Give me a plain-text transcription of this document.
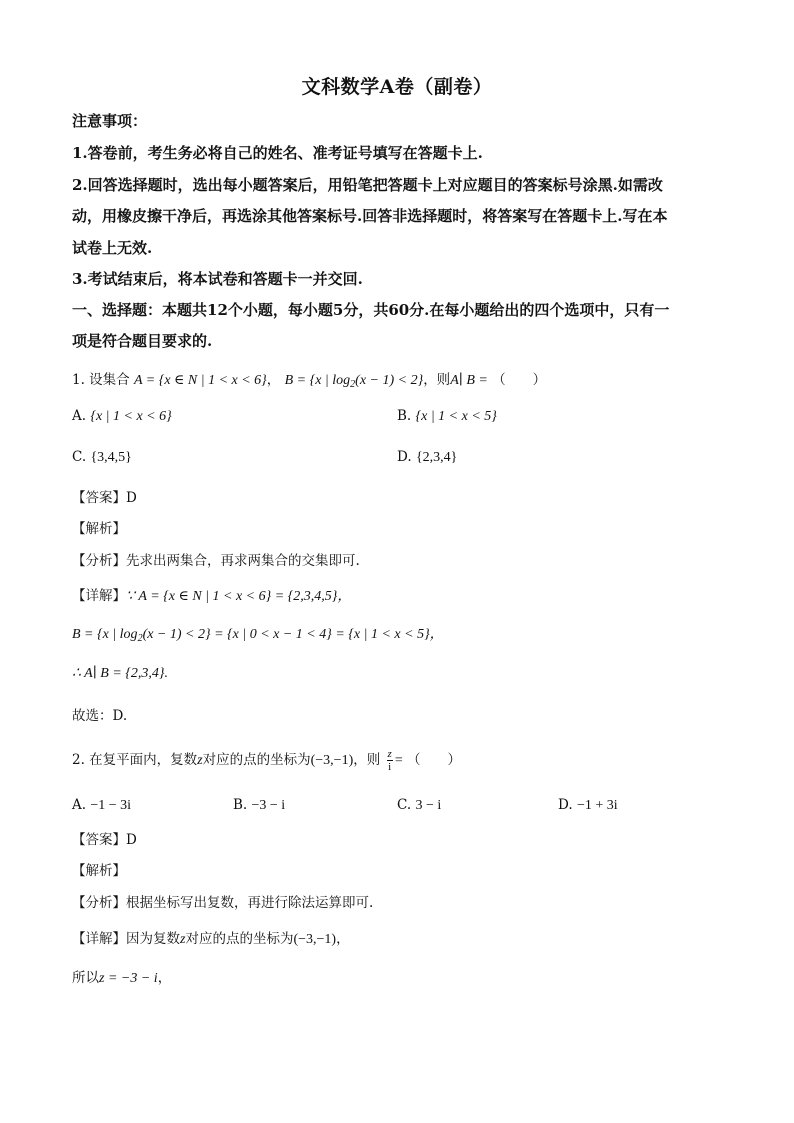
文科数学A卷（副卷）
注意事项：
1.答卷前，考生务必将自己的姓名、准考证号填写在答题卡上.
2.回答选择题时，选出每小题答案后，用铅笔把答题卡上对应题目的答案标号涂黑.如需改
动，用橡皮擦干净后，再选涂其他答案标号.回答非选择题时，将答案写在答题卡上.写在本
试卷上无效.
3.考试结束后，将本试卷和答题卡一并交回.
一、选择题：本题共12个小题，每小题5分，共60分.在每小题给出的四个选项中，只有一
项是符合题目要求的.
1. 设集合 A = {x ∈ N | 1 < x < 6}， B = {x | $\log_2(x - 1) < 2$}，则A∣ B = （　　）
A. {x | 1 < x < 6}	B. {x | 1 < x < 5}
C. {3,4,5}	D. {2,3,4}
【答案】D
【解析】
【分析】先求出两集合，再求两集合的交集即可.
【详解】∵ A = {x ∈ N | 1 < x < 6} = {2,3,4,5}，
B = {x | $\log_2(x - 1) < 2\} = \{x$ | 0 < x − 1 < 4} = {x | 1 < x < 5}，
∴ A∣ B = {2,3,4}.
故选：D.
2. 在复平面内，复数z对应的点的坐标为(−3,−1)，则 $\frac{z}{i}$ = （　　）
A. −1 − 3i	B. −3 − i	C. 3 − i	D. −1 + 3i
【答案】D
【解析】
【分析】根据坐标写出复数，再进行除法运算即可.
【详解】因为复数z对应的点的坐标为(−3,−1)，
所以z = −3 − i，
